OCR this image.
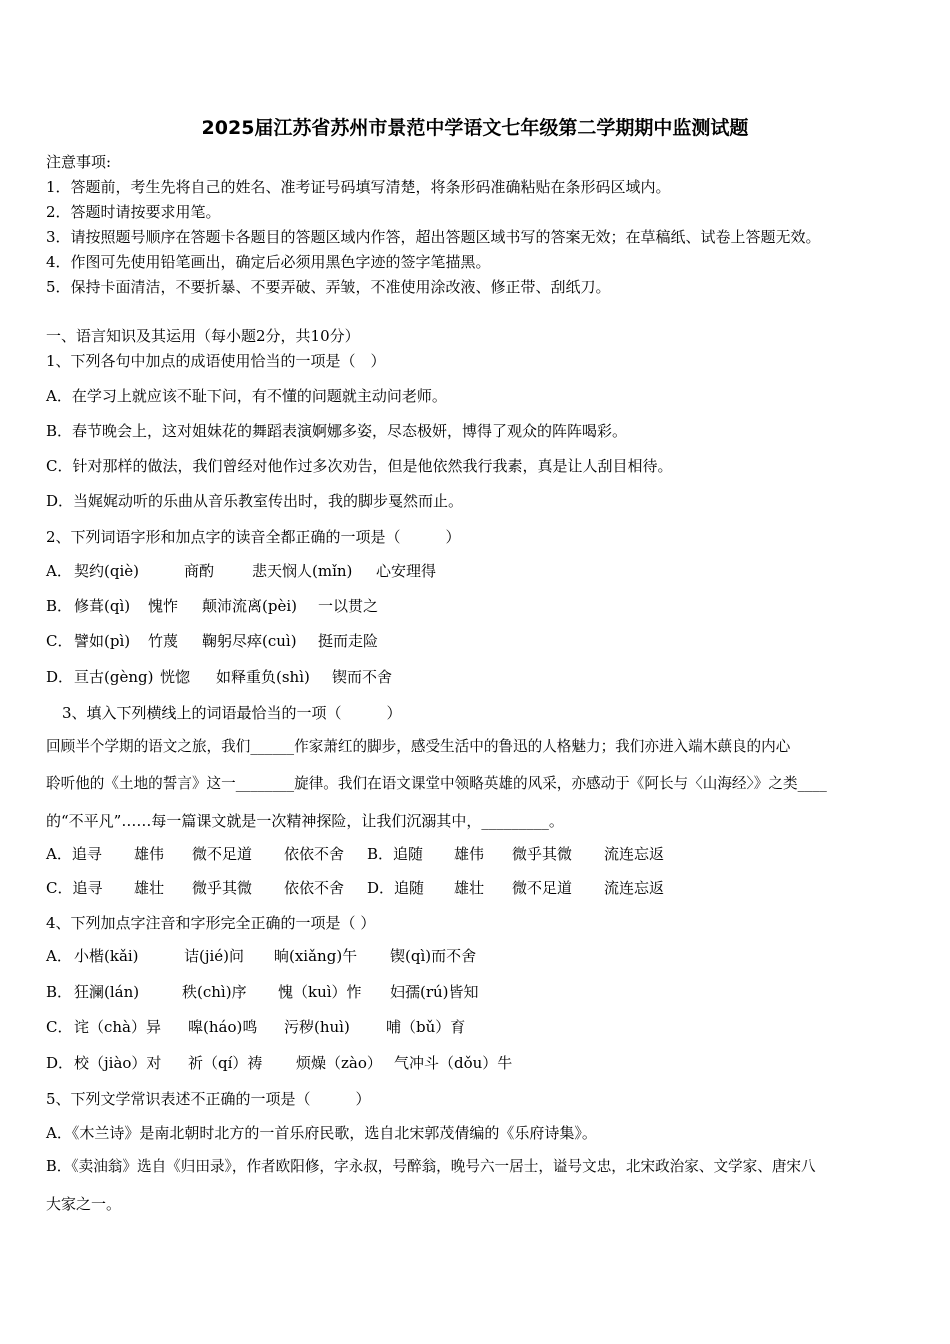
2025届江苏省苏州市景范中学语文七年级第二学期期中监测试题
注意事项:
1．答题前，考生先将自己的姓名、准考证号码填写清楚，将条形码准确粘贴在条形码区域内。
2．答题时请按要求用笔。
3．请按照题号顺序在答题卡各题目的答题区域内作答，超出答题区域书写的答案无效；在草稿纸、试卷上答题无效。
4．作图可先使用铅笔画出，确定后必须用黑色字迹的签字笔描黑。
5．保持卡面清洁，不要折暴、不要弄破、弄皱，不准使用涂改液、修正带、刮纸刀。
一、语言知识及其运用（每小题2分，共10分）
1、下列各句中加点的成语使用恰当的一项是（　）
A．在学习上就应该不耻下问，有不懂的问题就主动问老师。
B．春节晚会上，这对姐妹花的舞蹈表演婀娜多姿，尽态极妍，博得了观众的阵阵喝彩。
C．针对那样的做法，我们曾经对他作过多次劝告，但是他依然我行我素，真是让人刮目相待。
D．当娓娓动听的乐曲从音乐教室传出时，我的脚步戛然而止。
2、下列词语字形和加点字的读音全都正确的一项是（　　　）
A． 契约(qiè)	商酌	悲天悯人(mǐn) 心安理得
B． 修葺(qì) 愧怍 颠沛流离(pèi) 一以贯之
C． 譬如(pì) 竹蔑 鞠躬尽瘁(cuì) 挺而走险
D．亘古(gèng) 恍惚 如释重负(shì) 锲而不舍
3、填入下列横线上的词语最恰当的一项（　　　）
回顾半个学期的语文之旅，我们______作家萧红的脚步，感受生活中的鲁迅的人格魅力；我们亦进入端木蕻良的内心
聆听他的《土地的誓言》这一________旋律。我们在语文课堂中领略英雄的风采，亦感动于《阿长与〈山海经〉》之类____
的“不平凡”……每一篇课文就是一次精神探险，让我们沉溺其中，_________。
A．追寻 雄伟 微不足道 依依不舍 B．追随 雄伟 微乎其微 流连忘返
C．追寻 雄壮 微乎其微 依依不舍 D．追随 雄壮 微不足道 流连忘返
4、下列加点字注音和字形完全正确的一项是（ ）
A． 小楷(kǎi)	诘(jié)问 晌(xiǎng)午 锲(qì)而不舍
B． 狂澜(lán)	秩(chì)序 愧（kuì）怍 妇孺(rú)皆知
C． 诧（chà）异 嗥(háo)鸣 污秽(huì) 哺（bǔ）育
D．校（jiào）对 祈（qí）祷 烦燥（zào） 气冲斗（dǒu）牛
5、下列文学常识表述不正确的一项是（　　　）
A．《木兰诗》是南北朝时北方的一首乐府民歌，选自北宋郭茂倩编的《乐府诗集》。
B．《卖油翁》选自《归田录》，作者欧阳修，字永叔，号醉翁，晚号六一居士，谥号文忠，北宋政治家、文学家、唐宋八
大家之一。
